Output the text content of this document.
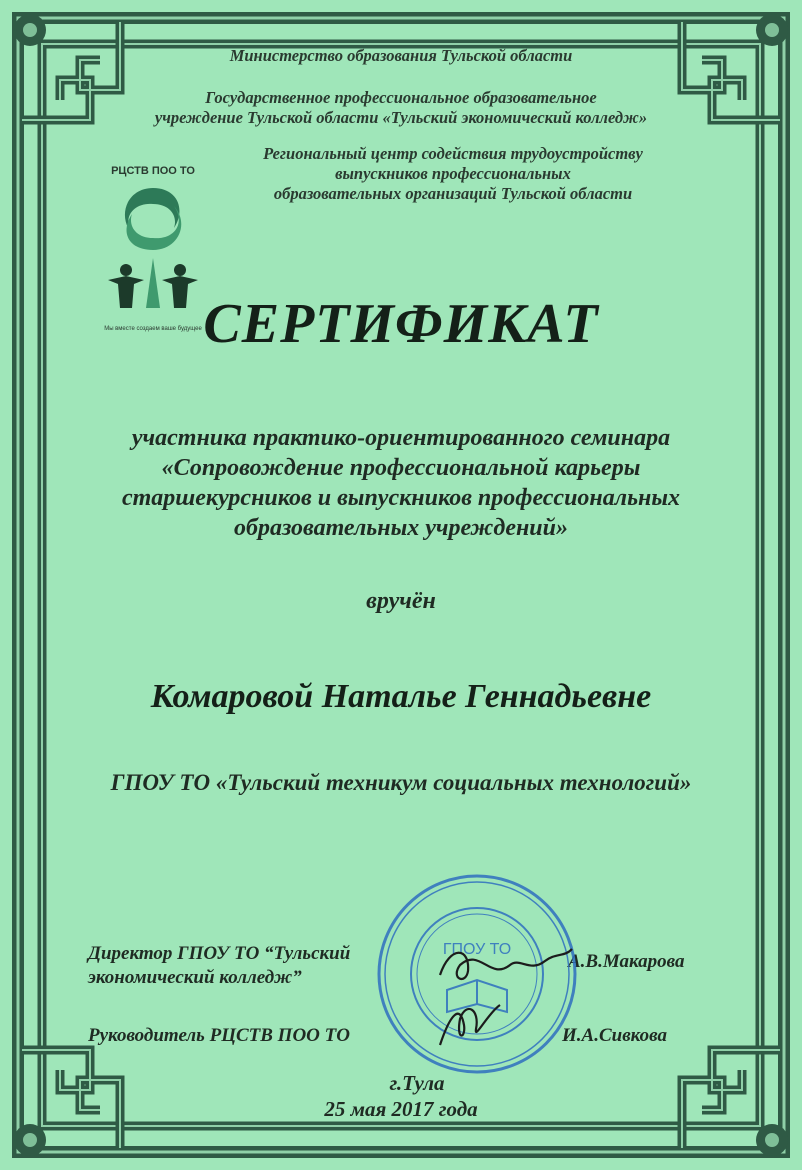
Министерство образования Тульской области
Государственное профессиональное образовательное
учреждение Тульской области «Тульский экономический колледж»
Региональный центр содействия трудоустройству
выпускников профессиональных
образовательных организаций Тульской области
РЦСТВ ПОО ТО
Мы вместе создаем ваше будущее СЕРТИФИКАТ
участника практико-ориентированного семинара
«Сопровождение профессиональной карьеры
старшекурсников и выпускников профессиональных
образовательных учреждений»
вручён
Комаровой Натальe Геннадьевне
ГПОУ ТО «Тульский техникум социальных технологий»
Директор ГПОУ ТО “Тульский
экономический колледж”
А.В.Макарова
Руководитель РЦСТВ ПОО ТО	И.А.Сивкова
ГПОУ ТО
г.Тула
25 мая 2017 года
